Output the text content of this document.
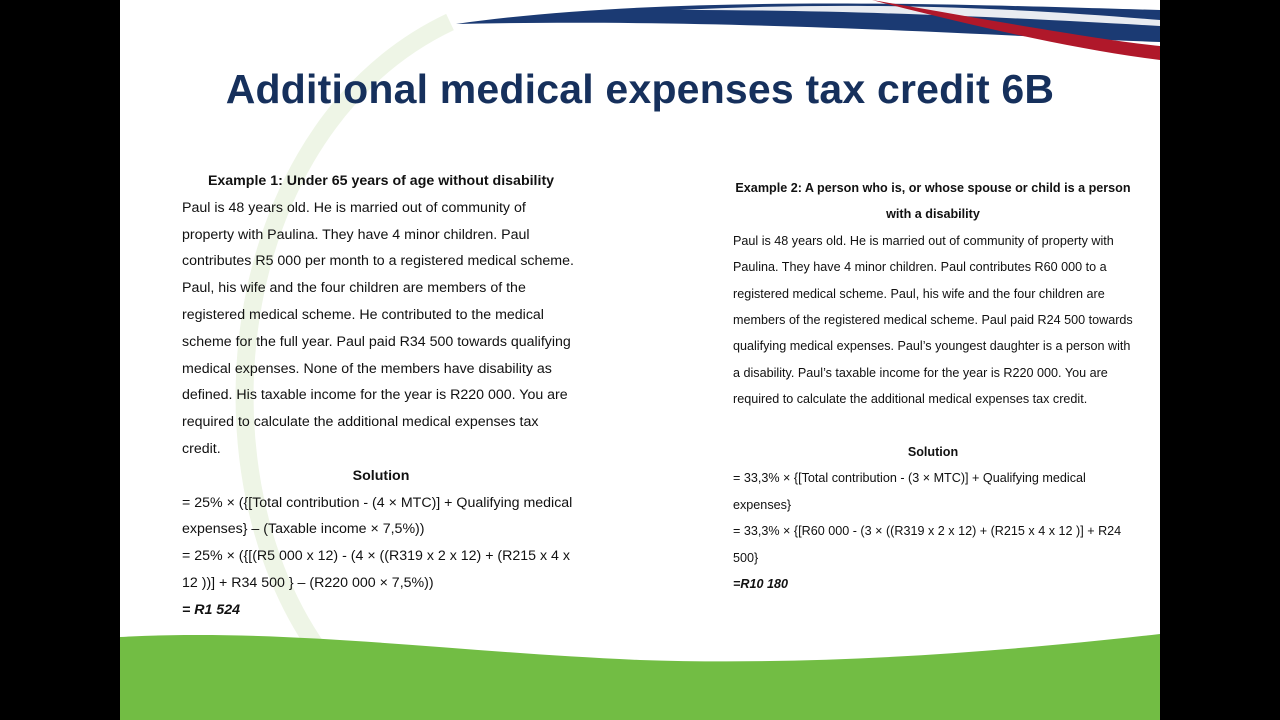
Additional medical expenses tax credit 6B

Example 1: Under 65 years of age without disability

Paul is 48 years old. He is married out of community of property with Paulina. They have 4 minor children. Paul contributes R5 000 per month to a registered medical scheme. Paul, his wife and the four children are members of the registered medical scheme. He contributed to the medical scheme for the full year. Paul paid R34 500 towards qualifying medical expenses. None of the members have disability as defined. His taxable income for the year is R220 000. You are required to calculate the additional medical expenses tax credit.

Solution

= 25% × ({[Total contribution - (4 × MTC)] + Qualifying medical expenses} – (Taxable income × 7,5%))

= 25% × ({[(R5 000 x 12) - (4 × ((R319 x 2 x 12) + (R215 x 4 x 12 ))] + R34 500 } – (R220 000 × 7,5%))

= R1 524

Example 2: A person who is, or whose spouse or child is a person with a disability

Paul is 48 years old. He is married out of community of property with Paulina. They have 4 minor children. Paul contributes R60 000 to a registered medical scheme. Paul, his wife and the four children are members of the registered medical scheme. Paul paid R24 500 towards qualifying medical expenses. Paul’s youngest daughter is a person with a disability. Paul’s taxable income for the year is R220 000. You are required to calculate the additional medical expenses tax credit.

Solution

= 33,3% × {[Total contribution - (3 × MTC)] + Qualifying medical expenses}

= 33,3% × {[R60 000 - (3 × ((R319 x 2 x 12) + (R215 x 4 x 12 )] + R24 500}

=R10 180
